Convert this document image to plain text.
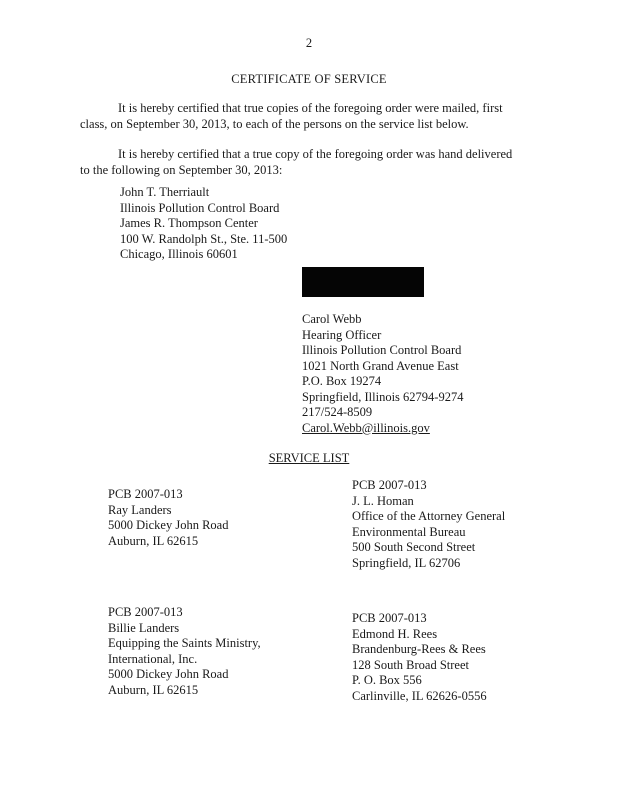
2
CERTIFICATE OF SERVICE
It is hereby certified that true copies of the foregoing order were mailed, first class, on September 30, 2013, to each of the persons on the service list below.
It is hereby certified that a true copy of the foregoing order was hand delivered to the following on September 30, 2013:
John T. Therriault
Illinois Pollution Control Board
James R. Thompson Center
100 W. Randolph St., Ste. 11-500
Chicago, Illinois 60601
Carol Webb
Hearing Officer
Illinois Pollution Control Board
1021 North Grand Avenue East
P.O. Box 19274
Springfield, Illinois 62794-9274
217/524-8509
Carol.Webb@illinois.gov
SERVICE LIST
PCB 2007-013
Ray Landers
5000 Dickey John Road
Auburn, IL 62615
PCB 2007-013
J. L. Homan
Office of the Attorney General
Environmental Bureau
500 South Second Street
Springfield, IL 62706
PCB 2007-013
Billie Landers
Equipping the Saints Ministry,
International, Inc.
5000 Dickey John Road
Auburn, IL 62615
PCB 2007-013
Edmond H. Rees
Brandenburg-Rees & Rees
128 South Broad Street
P. O. Box 556
Carlinville, IL 62626-0556
